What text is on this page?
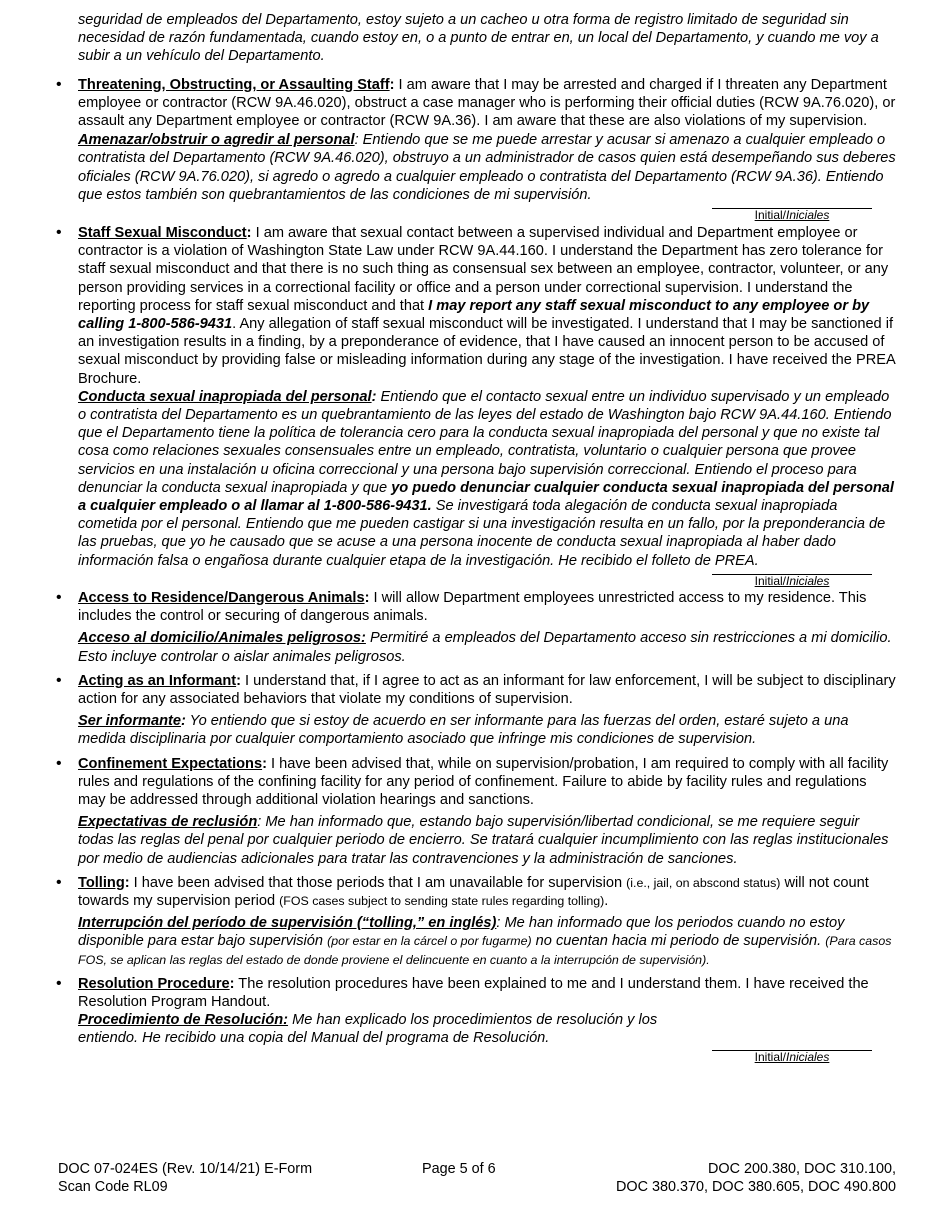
seguridad de empleados del Departamento, estoy sujeto a un cacheo u otra forma de registro limitado de seguridad sin necesidad de razón fundamentada, cuando estoy en, o a punto de entrar en, un local del Departamento, y cuando me voy a subir a un vehículo del Departamento.

• Threatening, Obstructing, or Assaulting Staff: I am aware that I may be arrested and charged if I threaten any Department employee or contractor (RCW 9A.46.020), obstruct a case manager who is performing their official duties (RCW 9A.76.020), or assault any Department employee or contractor (RCW 9A.36). I am aware that these are also violations of my supervision.

Amenazar/obstruir o agredir al personal: Entiendo que se me puede arrestar y acusar si amenazo a cualquier empleado o contratista del Departamento (RCW 9A.46.020), obstruyo a un administrador de casos quien está desempeñando sus deberes oficiales (RCW 9A.76.020), si agredo o agredo a cualquier empleado o contratista del Departamento (RCW 9A.36). Entiendo que estos también son quebrantamientos de las condiciones de mi supervisión.

Initial/Iniciales
• Staff Sexual Misconduct: I am aware that sexual contact between a supervised individual and Department employee or contractor is a violation of Washington State Law under RCW 9A.44.160. I understand the Department has zero tolerance for staff sexual misconduct and that there is no such thing as consensual sex between an employee, contractor, volunteer, or any person providing services in a correctional facility or office and a person under correctional supervision. I understand the reporting process for staff sexual misconduct and that I may report any staff sexual misconduct to any employee or by calling 1-800-586-9431. Any allegation of staff sexual misconduct will be investigated. I understand that I may be sanctioned if an investigation results in a finding, by a preponderance of evidence, that I have caused an innocent person to be accused of sexual misconduct by providing false or misleading information during any stage of the investigation. I have received the PREA Brochure.

Conducta sexual inapropiada del personal: Entiendo que el contacto sexual entre un individuo supervisado y un empleado o contratista del Departamento es un quebrantamiento de las leyes del estado de Washington bajo RCW 9A.44.160. Entiendo que el Departamento tiene la política de tolerancia cero para la conducta sexual inapropiada del personal y que no existe tal cosa como relaciones sexuales consensuales entre un empleado, contratista, voluntario o cualquier persona que provee servicios en una instalación u oficina correccional y una persona bajo supervisión correccional. Entiendo el proceso para denunciar la conducta sexual inapropiada y que yo puedo denunciar cualquier conducta sexual inapropiada del personal a cualquier empleado o al llamar al 1-800-586-9431. Se investigará toda alegación de conducta sexual inapropiada cometida por el personal. Entiendo que me pueden castigar si una investigación resulta en un fallo, por la preponderancia de las pruebas, que yo he causado que se acuse a una persona inocente de conducta sexual inapropiada al haber dado información falsa o engañosa durante cualquier etapa de la investigación. He recibido el folleto de PREA.

Initial/Iniciales
• Access to Residence/Dangerous Animals: I will allow Department employees unrestricted access to my residence. This includes the control or securing of dangerous animals.

Acceso al domicilio/Animales peligrosos: Permitiré a empleados del Departamento acceso sin restricciones a mi domicilio. Esto incluye controlar o aislar animales peligrosos.

• Acting as an Informant: I understand that, if I agree to act as an informant for law enforcement, I will be subject to disciplinary action for any associated behaviors that violate my conditions of supervision.

Ser informante: Yo entiendo que si estoy de acuerdo en ser informante para las fuerzas del orden, estaré sujeto a una medida disciplinaria por cualquier comportamiento asociado que infringe mis condiciones de supervision.

• Confinement Expectations: I have been advised that, while on supervision/probation, I am required to comply with all facility rules and regulations of the confining facility for any period of confinement. Failure to abide by facility rules and regulations may be addressed through additional violation hearings and sanctions.

Expectativas de reclusión: Me han informado que, estando bajo supervisión/libertad condicional, se me requiere seguir todas las reglas del penal por cualquier periodo de encierro. Se tratará cualquier incumplimiento con las reglas institucionales por medio de audiencias adicionales para tratar las contravenciones y la administración de sanciones.

• Tolling: I have been advised that those periods that I am unavailable for supervision (i.e., jail, on abscond status) will not count towards my supervision period (FOS cases subject to sending state rules regarding tolling).

Interrupción del período de supervisión (“tolling,” en inglés): Me han informado que los periodos cuando no estoy disponible para estar bajo supervisión (por estar en la cárcel o por fugarme) no cuentan hacia mi periodo de supervisión. (Para casos FOS, se aplican las reglas del estado de donde proviene el delincuente en cuanto a la interrupción de supervisión).

• Resolution Procedure: The resolution procedures have been explained to me and I understand them. I have received the Resolution Program Handout.

Procedimiento de Resolución: Me han explicado los procedimientos de resolución y los entiendo. He recibido una copia del Manual del programa de Resolución.

Initial/Iniciales
DOC 07-024ES (Rev. 10/14/21) E-Form
Scan Code RL09
Page 5 of 6	DOC 200.380, DOC 310.100,
DOC 380.370, DOC 380.605, DOC 490.800
